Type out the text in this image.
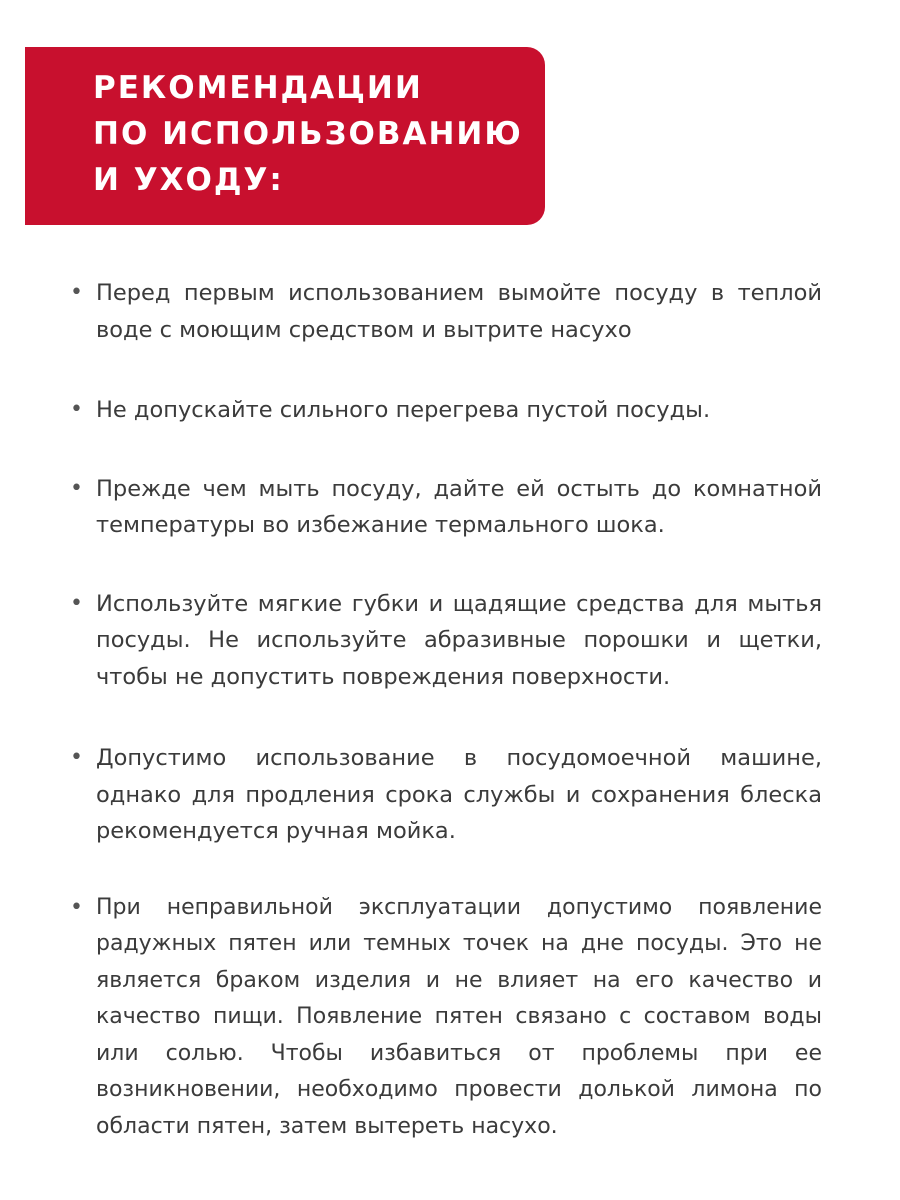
РЕКОМЕНДАЦИИ
ПО ИСПОЛЬЗОВАНИЮ
И УХОДУ:
• Перед первым использованием вымойте посуду в теплой воде с моющим средством и вытрите насухо
• Не допускайте сильного перегрева пустой посуды.
• Прежде чем мыть посуду, дайте ей остыть до комнатной температуры во избежание термального шока.
• Используйте мягкие губки и щадящие средства для мытья посуды. Не используйте абразивные порошки и щетки, чтобы не допустить повреждения поверхности.
• Допустимо использование в посудомоечной машине, однако для продления срока службы и сохранения блеска рекомендуется ручная мойка.
• При неправильной эксплуатации допустимо появление радужных пятен или темных точек на дне посуды. Это не является браком изделия и не влияет на его качество и качество пищи. Появление пятен связано с составом воды или солью. Чтобы избавиться от проблемы при ее возникновении, необходимо провести долькой лимона по области пятен, затем вытереть насухо.
